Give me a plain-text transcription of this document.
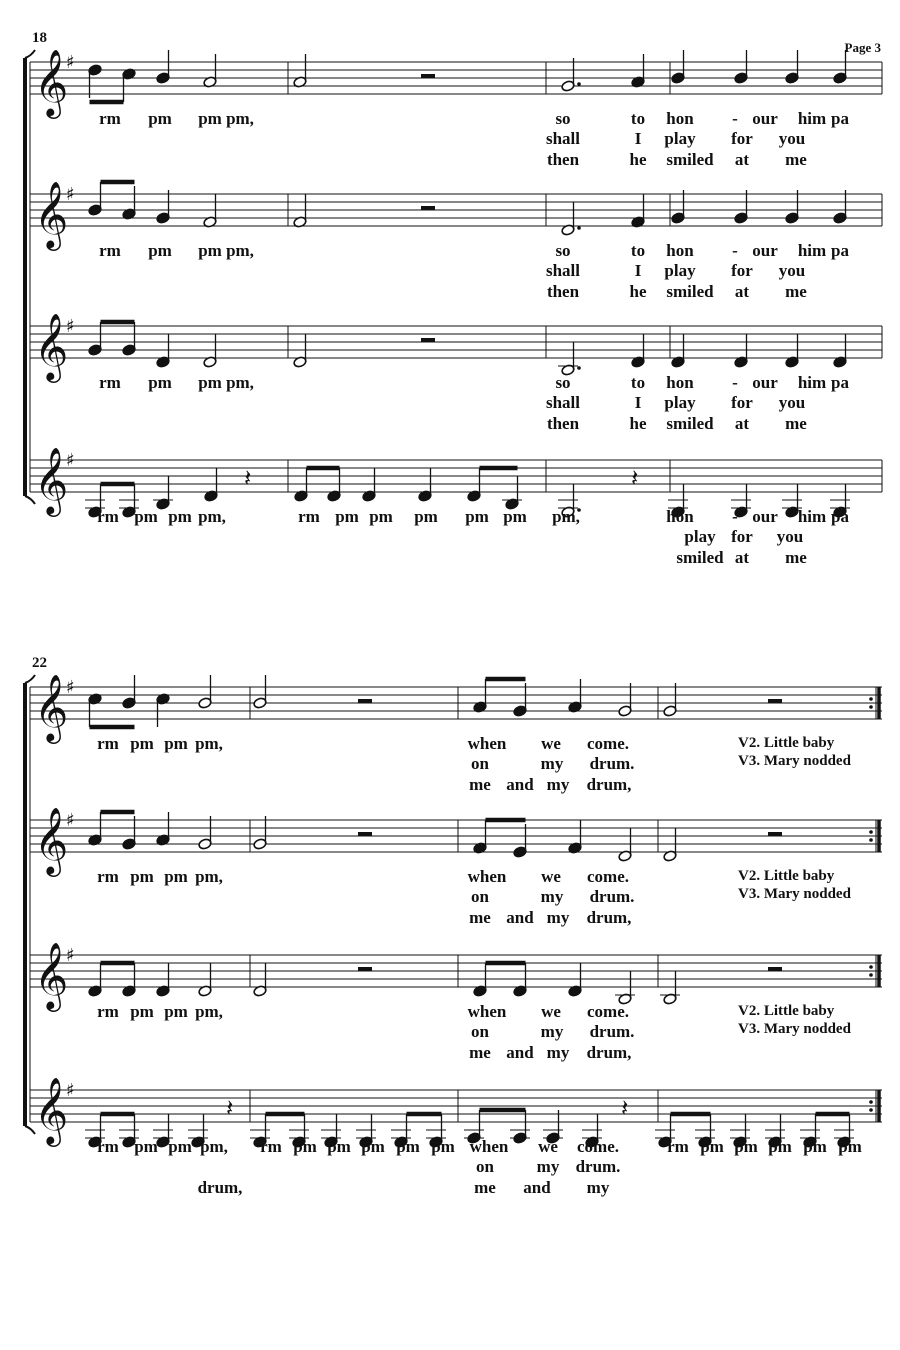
Page 3
18
𝄞
♯
rm pm pm pm,	so	to hon - our him pa
shall	I play for you
then	he smiled at me
𝄞
♯
rm pm pm pm,	so	to hon - our him pa
shall	I play for you
then	he smiled at me
𝄞
♯
rm pm pm pm,	so	to hon - our him pa
shall	I play for you
then	he smiled at me
𝄞
♯
𝄽	𝄽
rm pm pm pm,	rm pm pm pm pm pm pm,	hon - our him pa
play for you
smiled at me
22
𝄞
♯
rm pm pm pm,	when we come.
on	my drum.
me and my drum,
V2. Little baby
V3. Mary nodded
𝄞
♯
rm pm pm pm,	when we come.
on	my drum.
me and my drum,
V2. Little baby
V3. Mary nodded
𝄞
♯
rm pm pm pm,	when we come.
on	my drum.
me and my drum,
V2. Little baby
V3. Mary nodded
𝄞
♯
𝄽	𝄽
rm pm pm pm, rm pm pm pm pm pm when we come.	rm pm pm pm pm pm
on	my drum.
me and my
drum,
